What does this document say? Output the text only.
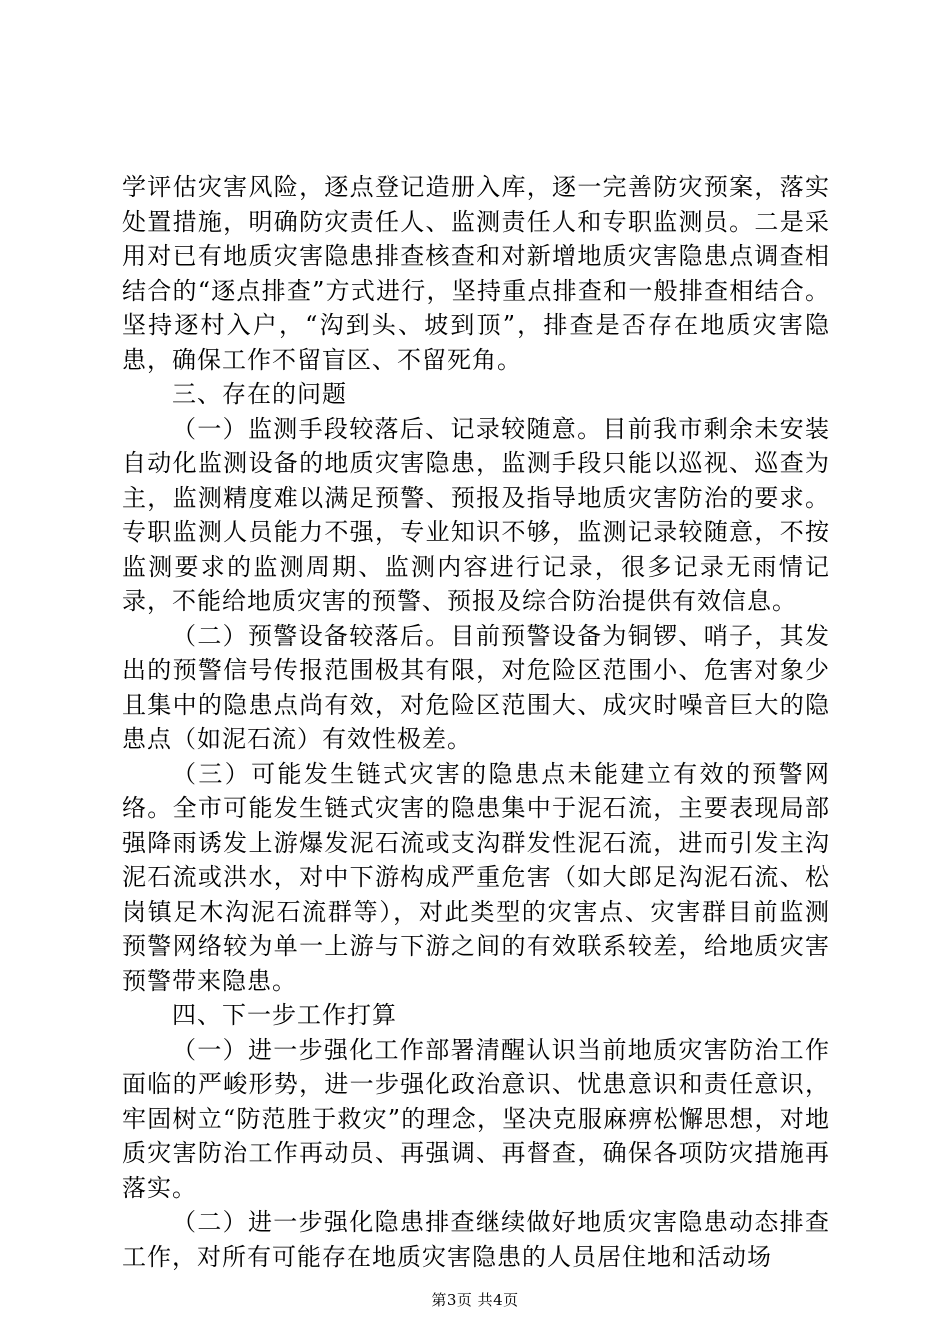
学评估灾害风险，逐点登记造册入库，逐一完善防灾预案，落实处置措施，明确防灾责任人、监测责任人和专职监测员。二是采用对已有地质灾害隐患排查核查和对新增地质灾害隐患点调查相结合的“逐点排查”方式进行，坚持重点排查和一般排查相结合。坚持逐村入户，“沟到头、坡到顶”，排查是否存在地质灾害隐患，确保工作不留盲区、不留死角。

三、存在的问题

（一）监测手段较落后、记录较随意。目前我市剩余未安装自动化监测设备的地质灾害隐患，监测手段只能以巡视、巡查为主，监测精度难以满足预警、预报及指导地质灾害防治的要求。专职监测人员能力不强，专业知识不够，监测记录较随意，不按监测要求的监测周期、监测内容进行记录，很多记录无雨情记录，不能给地质灾害的预警、预报及综合防治提供有效信息。

（二）预警设备较落后。目前预警设备为铜锣、哨子，其发出的预警信号传报范围极其有限，对危险区范围小、危害对象少且集中的隐患点尚有效，对危险区范围大、成灾时噪音巨大的隐患点（如泥石流）有效性极差。

（三）可能发生链式灾害的隐患点未能建立有效的预警网络。全市可能发生链式灾害的隐患集中于泥石流，主要表现局部强降雨诱发上游爆发泥石流或支沟群发性泥石流，进而引发主沟泥石流或洪水，对中下游构成严重危害（如大郎足沟泥石流、松岗镇足木沟泥石流群等），对此类型的灾害点、灾害群目前监测预警网络较为单一上游与下游之间的有效联系较差，给地质灾害预警带来隐患。

四、下一步工作打算

（一）进一步强化工作部署清醒认识当前地质灾害防治工作面临的严峻形势，进一步强化政治意识、忧患意识和责任意识，牢固树立“防范胜于救灾”的理念，坚决克服麻痹松懈思想，对地质灾害防治工作再动员、再强调、再督查，确保各项防灾措施再落实。

（二）进一步强化隐患排查继续做好地质灾害隐患动态排查工作，对所有可能存在地质灾害隐患的人员居住地和活动场

第3页 共4页
